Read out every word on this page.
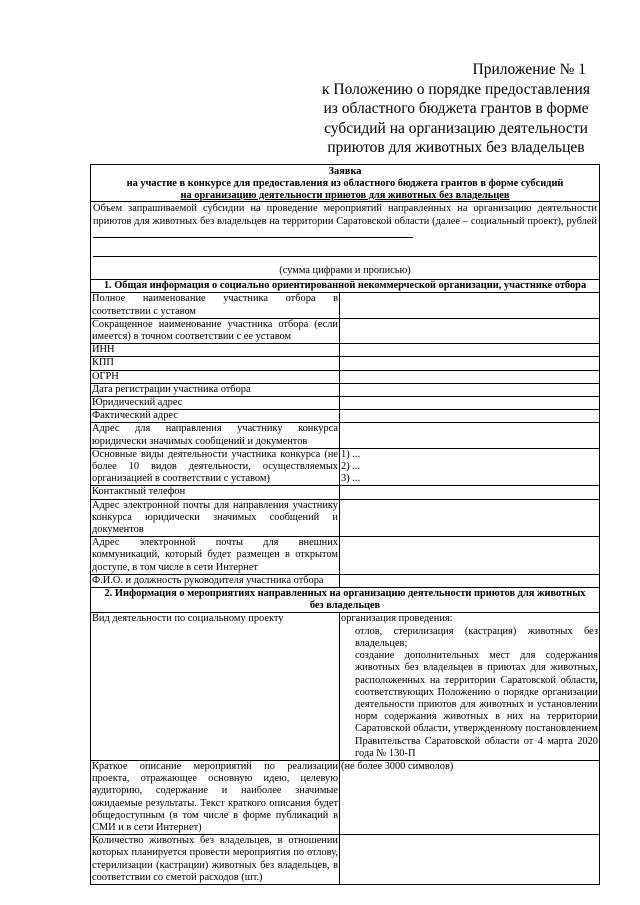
Приложение № 1
к Положению о порядке предоставления
из областного бюджета грантов в форме
субсидий на организацию деятельности
приютов для животных без владельцев
Заявка
на участие в конкурсе для предоставления из областного бюджета грантов в форме субсидий
на организацию деятельности приютов для животных без владельцев

Объем запрашиваемой субсидии на проведение мероприятий направленных на организацию деятельности приютов для животных без владельцев на территории Саратовской области (далее – социальный проект), рублей

(сумма цифрами и прописью)
1. Общая информация о социально ориентированной некоммерческой организации, участнике отбора
Полное наименование участника отбора в соответствии с уставом
Сокращенное наименование участника отбора (если имеется) в точном соответствии с ее уставом
ИНН
КПП
ОГРН
Дата регистрации участника отбора
Юридический адрес
Фактический адрес
Адрес для направления участнику конкурса юридически значимых сообщений и документов
Основные виды деятельности участника конкурса (не более 10 видов деятельности, осуществляемых организацией в соответствии с уставом)
1) ...
2) ...
3) ...
Контактный телефон
Адрес электронной почты для направления участнику конкурса юридически значимых сообщений и документов
Адрес электронной почты для внешних коммуникаций, который будет размещен в открытом доступе, в том числе в сети Интернет
Ф.И.О. и должность руководителя участника отбора
2. Информация о мероприятиях направленных на организацию деятельности приютов для животных без владельцев
Вид деятельности по социальному проекту	организация проведения:

отлов, стерилизация (кастрация) животных без владельцев;

создание дополнительных мест для содержания животных без владельцев в приютах для животных, расположенных на территории Саратовской области, соответствующих Положению о порядке организации деятельности приютов для животных и установлении норм содержания животных в них на территории Саратовской области, утвержденному постановлением Правительства Саратовской области от 4 марта 2020 года № 130-П

Краткое описание мероприятий по реализации проекта, отражающее основную идею, целевую аудиторию, содержание и наиболее значимые ожидаемые результаты. Текст краткого описания будет общедоступным (в том числе в форме публикаций в СМИ и в сети Интернет)
(не более 3000 символов)
Количество животных без владельцев, в отношении которых планируется провести мероприятия по отлову, стерилизации (кастрации) животных без владельцев, в соответствии со сметой расходов (шт.)
